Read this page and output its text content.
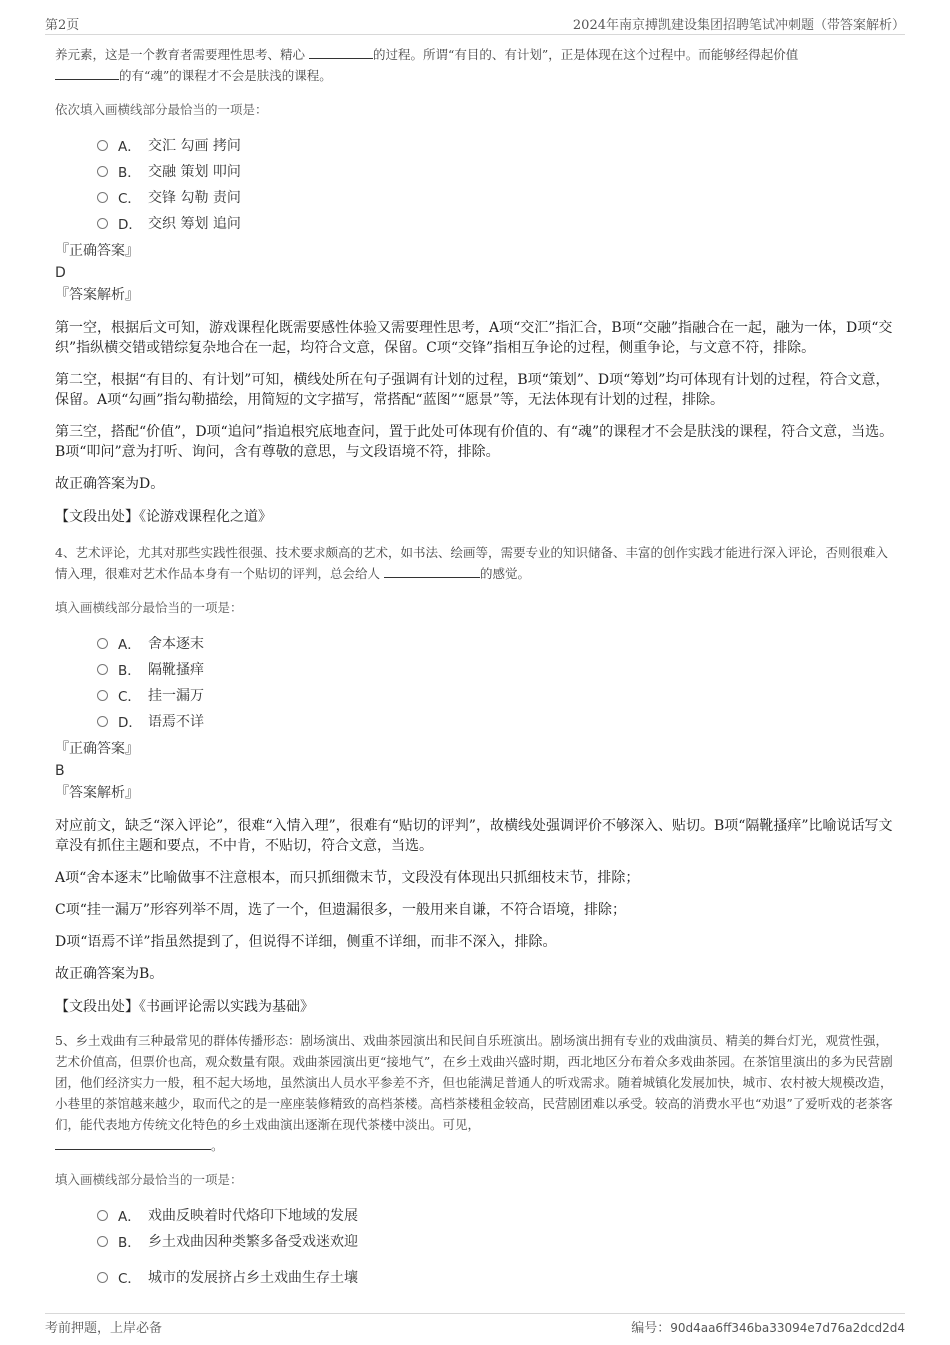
第2页	2024年南京搏凯建设集团招聘笔试冲刺题（带答案解析）

养元素，这是一个教育者需要理性思考、精心	的过程。所谓“有目的、有计划”，正是体现在这个过程中。而能够经得起价值
的有“魂”的课程才不会是肤浅的课程。

依次填入画横线部分最恰当的一项是：

A． 交汇 勾画 拷问
B． 交融 策划 叩问
C． 交锋 勾勒 责问
D． 交织 筹划 追问

『正确答案』

D

『答案解析』

第一空，根据后文可知，游戏课程化既需要感性体验又需要理性思考，A项“交汇”指汇合，B项“交融”指融合在一起，融为一体，D项“交织”指纵横交错或错综复杂地合在一起，均符合文意，保留。C项“交锋”指相互争论的过程，侧重争论，与文意不符，排除。

第二空，根据“有目的、有计划”可知，横线处所在句子强调有计划的过程，B项“策划”、D项“筹划”均可体现有计划的过程，符合文意，保留。A项“勾画”指勾勒描绘，用简短的文字描写，常搭配“蓝图”“愿景”等，无法体现有计划的过程，排除。

第三空，搭配“价值”，D项“追问”指追根究底地查问，置于此处可体现有价值的、有“魂”的课程才不会是肤浅的课程，符合文意，当选。B项“叩问”意为打听、询问，含有尊敬的意思，与文段语境不符，排除。

故正确答案为D。

【文段出处】《论游戏课程化之道》

4、艺术评论，尤其对那些实践性很强、技术要求颇高的艺术，如书法、绘画等，需要专业的知识储备、丰富的创作实践才能进行深入评论，否则很难入情入理，很难对艺术作品本身有一个贴切的评判，总会给人	的感觉。

填入画横线部分最恰当的一项是：

A． 舍本逐末
B． 隔靴搔痒
C． 挂一漏万
D． 语焉不详

『正确答案』

B

『答案解析』

对应前文，缺乏“深入评论”，很难“入情入理”，很难有“贴切的评判”，故横线处强调评价不够深入、贴切。B项“隔靴搔痒”比喻说话写文章没有抓住主题和要点，不中肯，不贴切，符合文意，当选。

A项“舍本逐末”比喻做事不注意根本，而只抓细微末节，文段没有体现出只抓细枝末节，排除；

C项“挂一漏万”形容列举不周，选了一个，但遗漏很多，一般用来自谦，不符合语境，排除；

D项“语焉不详”指虽然提到了，但说得不详细，侧重不详细，而非不深入，排除。

故正确答案为B。

【文段出处】《书画评论需以实践为基础》

5、乡土戏曲有三种最常见的群体传播形态：剧场演出、戏曲茶园演出和民间自乐班演出。剧场演出拥有专业的戏曲演员、精美的舞台灯光，观赏性强，艺术价值高，但票价也高，观众数量有限。戏曲茶园演出更“接地气”，在乡土戏曲兴盛时期，西北地区分布着众多戏曲茶园。在茶馆里演出的多为民营剧团，他们经济实力一般，租不起大场地，虽然演出人员水平参差不齐，但也能满足普通人的听戏需求。随着城镇化发展加快，城市、农村被大规模改造，小巷里的茶馆越来越少，取而代之的是一座座装修精致的高档茶楼。高档茶楼租金较高，民营剧团难以承受。较高的消费水平也“劝退”了爱听戏的老茶客们，能代表地方传统文化特色的乡土戏曲演出逐渐在现代茶楼中淡出。可见，
。

填入画横线部分最恰当的一项是：

A． 戏曲反映着时代烙印下地域的发展
B． 乡土戏曲因种类繁多备受戏迷欢迎
C． 城市的发展挤占乡土戏曲生存土壤
考前押题，上岸必备	编号：90d4aa6ff346ba33094e7d76a2dcd2d4
